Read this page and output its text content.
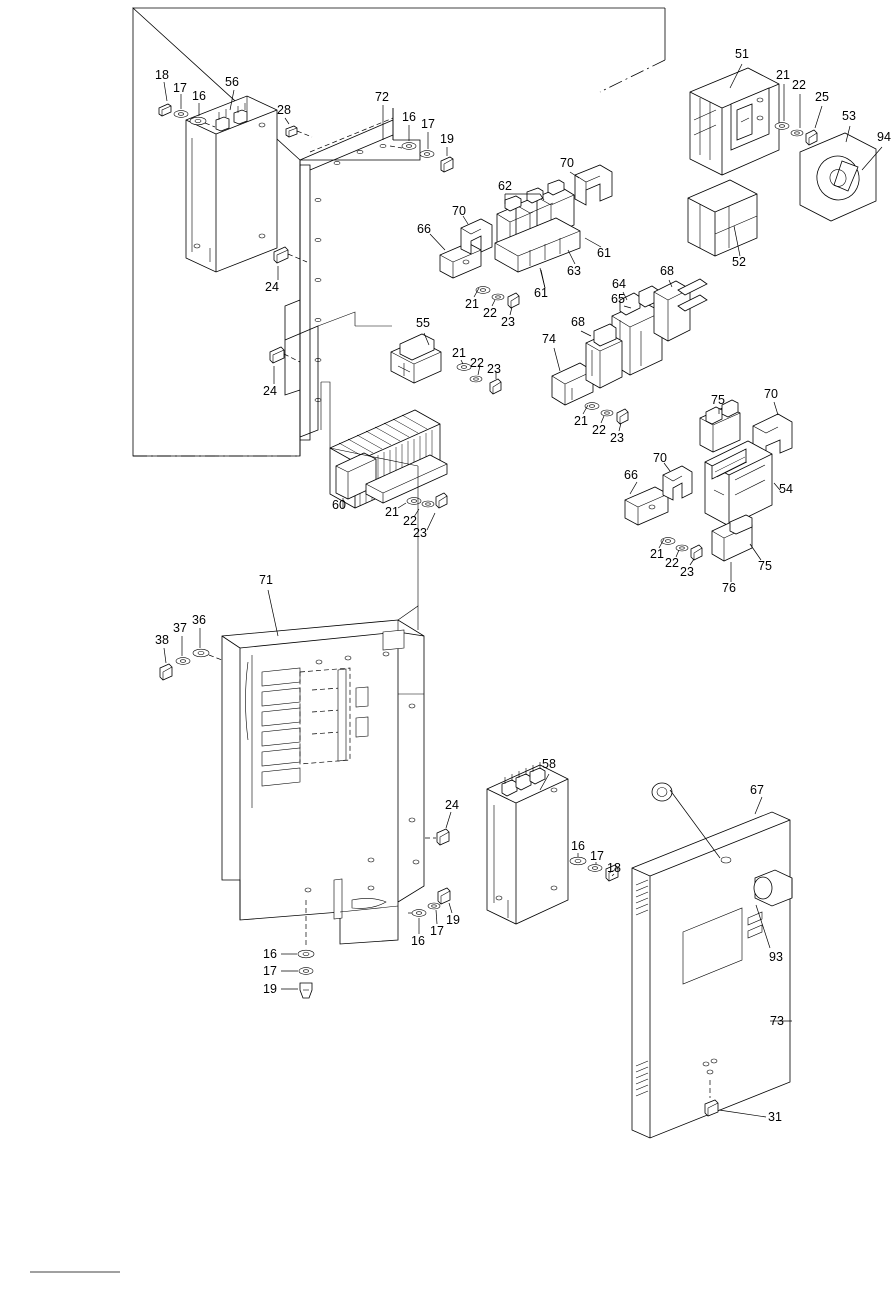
18
17
16
56
28
72
16 17
19
51
21
22
25
53
94
70
62
61
66
70
63
61
52
64
65
68
24
21
22
23
55
21
22 23
74
68
24
21
22
23
75	70
66
70
54
60	21
22
23
21
22
23	75
76
71
38
37
36
58
67
24
16
17
18
93
19
16
17
16
17
19
73
31
